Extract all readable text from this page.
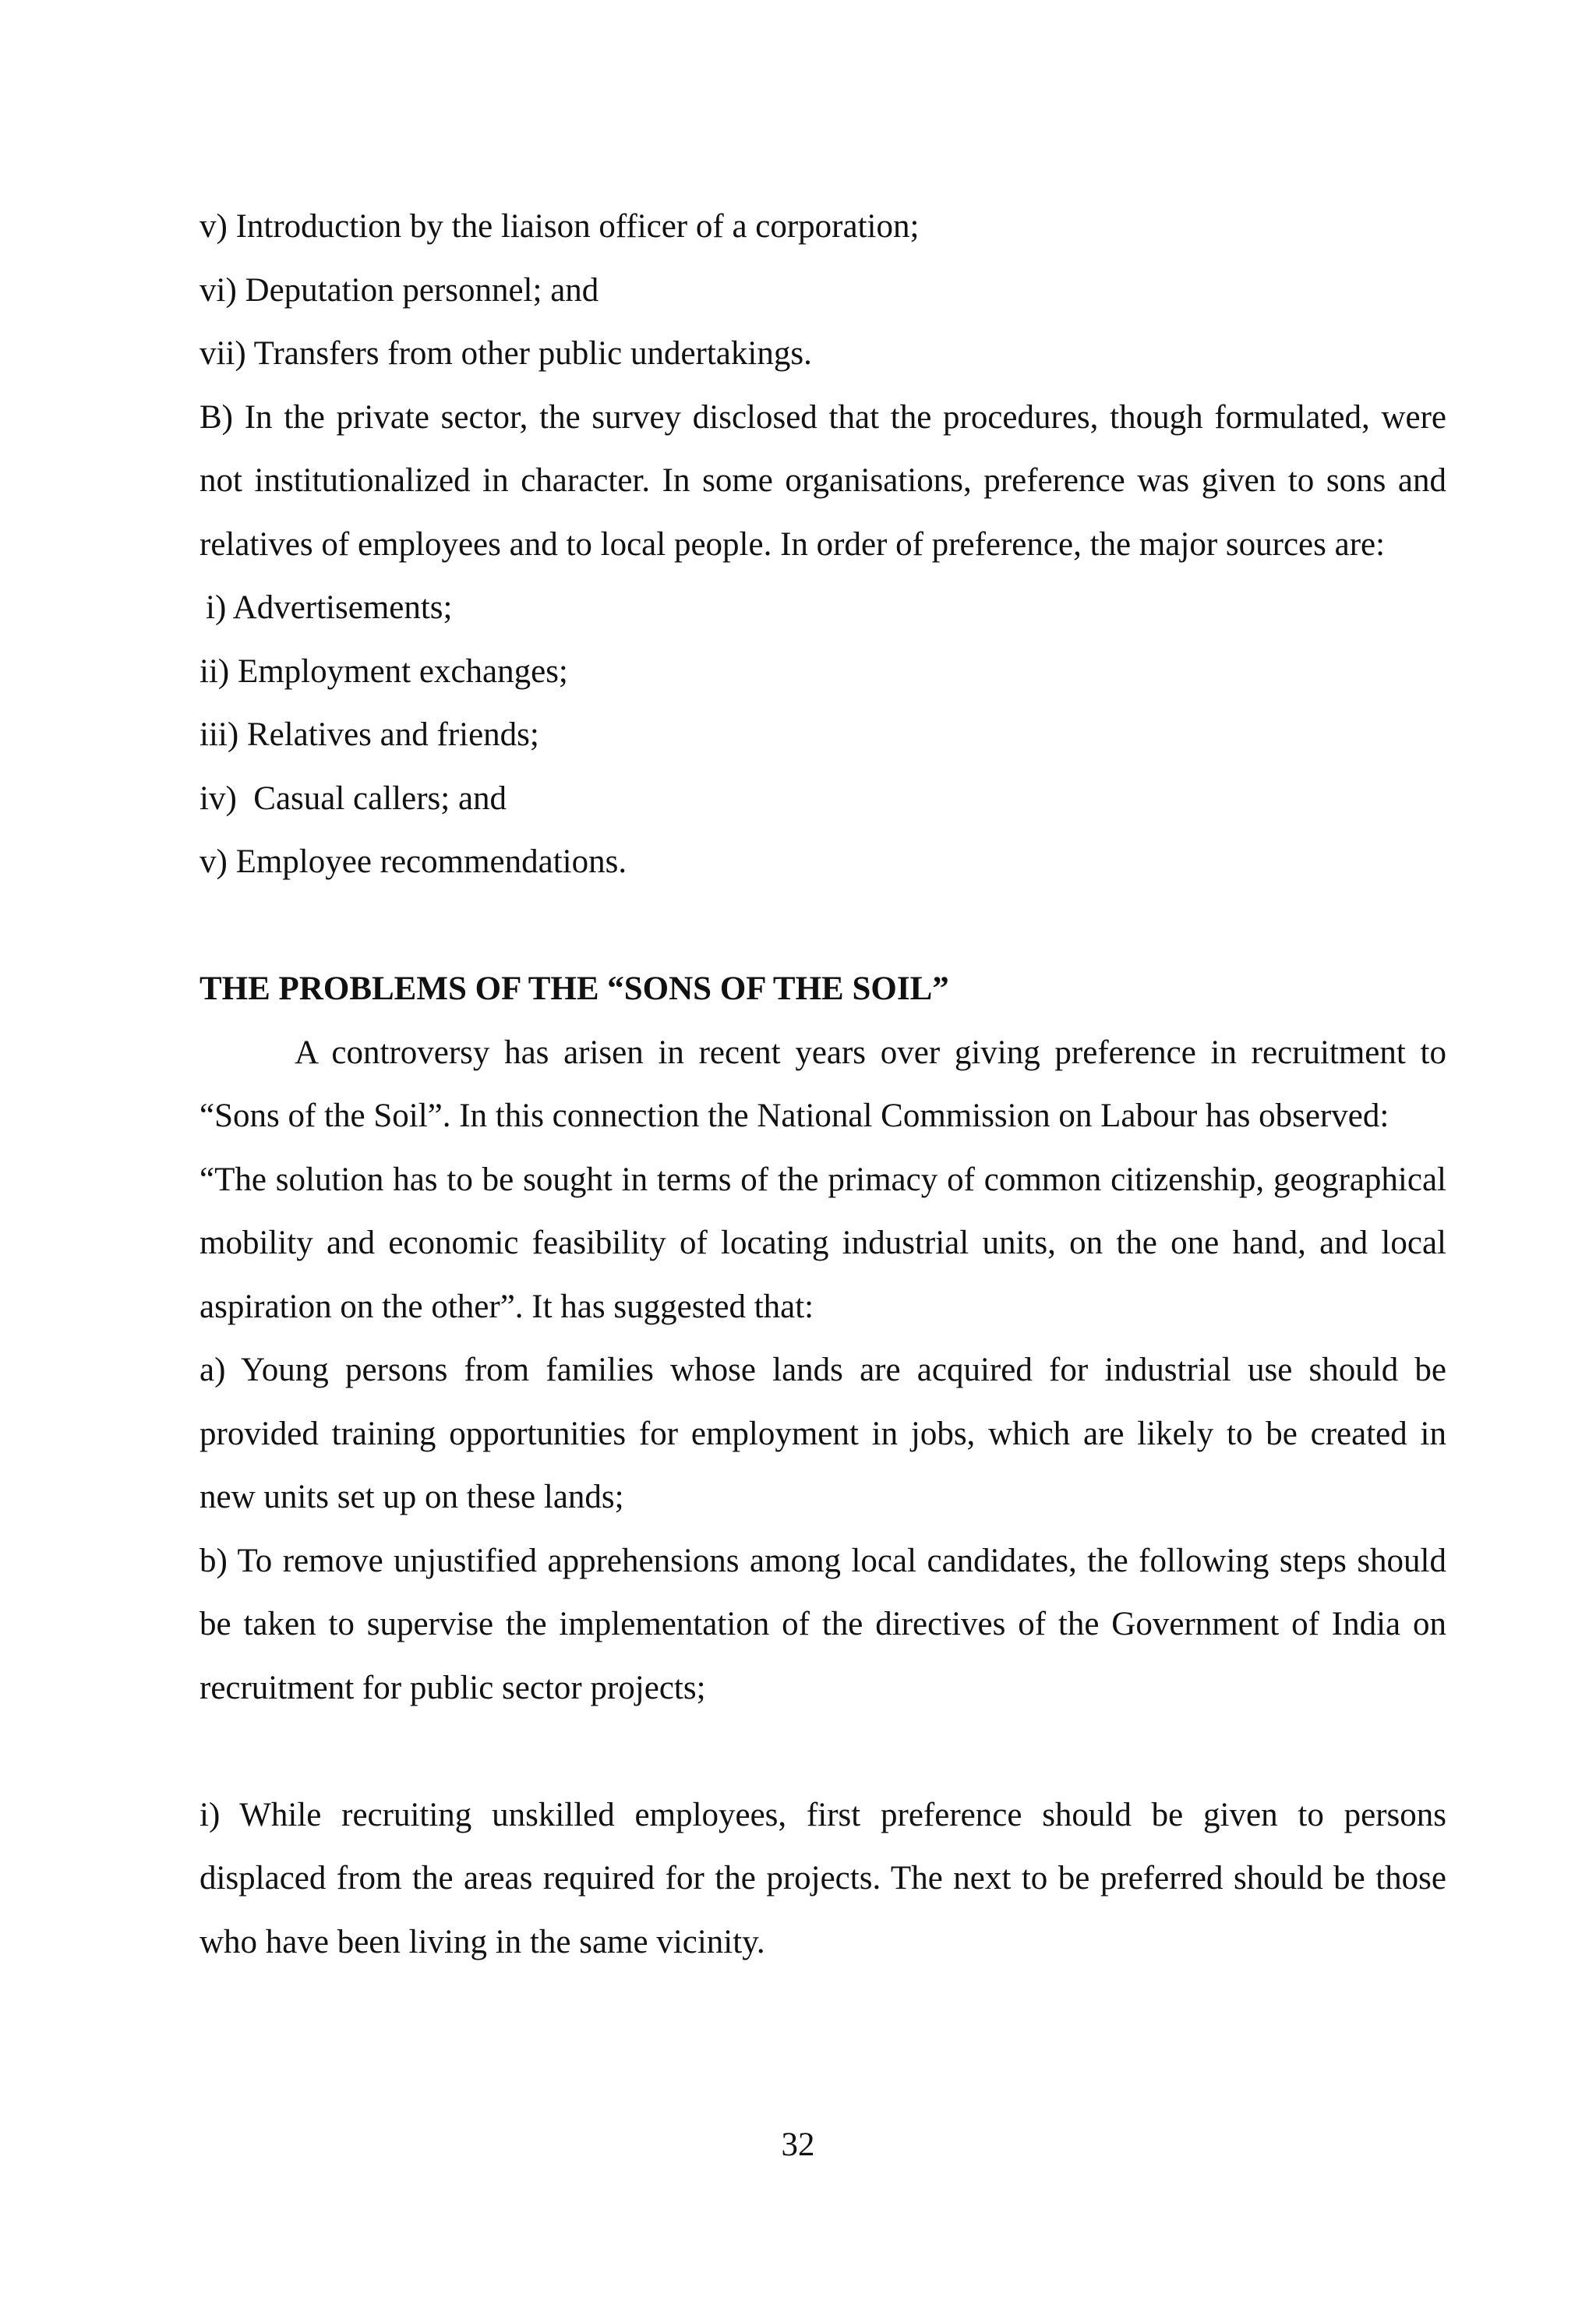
v) Introduction by the liaison officer of a corporation;

vi) Deputation personnel; and

vii) Transfers from other public undertakings.

B) In the private sector, the survey disclosed that the procedures, though formulated, were not institutionalized in character. In some organisations, preference was given to sons and relatives of employees and to local people. In order of preference, the major sources are:

i) Advertisements;

ii) Employment exchanges;

iii) Relatives and friends;

iv)  Casual callers; and

v) Employee recommendations.

THE PROBLEMS OF THE “SONS OF THE SOIL”

A controversy has arisen in recent years over giving preference in recruitment to “Sons of the Soil”. In this connection the National Commission on Labour has observed:

“The solution has to be sought in terms of the primacy of common citizenship, geographical mobility and economic feasibility of locating industrial units, on the one hand, and local aspiration on the other”. It has suggested that:

a) Young persons from families whose lands are acquired for industrial use should be provided training opportunities for employment in jobs, which are likely to be created in new units set up on these lands;

b) To remove unjustified apprehensions among local candidates, the following steps should be taken to supervise the implementation of the directives of the Government of India on recruitment for public sector projects;

i) While recruiting unskilled employees, first preference should be given to persons displaced from the areas required for the projects. The next to be preferred should be those who have been living in the same vicinity.

32
